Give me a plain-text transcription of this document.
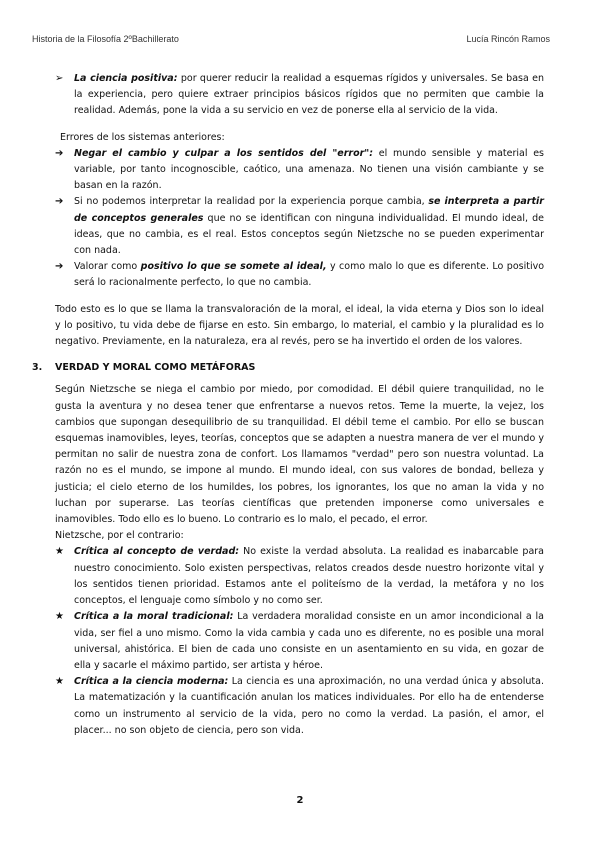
Historia de la Filosofía 2ºBachillerato	Lucía Rincón Ramos
➢	La ciencia positiva: por querer reducir la realidad a esquemas rígidos y universales. Se basa en la experiencia, pero quiere extraer principios básicos rígidos que no permiten que cambie la realidad. Además, pone la vida a su servicio en vez de ponerse ella al servicio de la vida.
Errores de los sistemas anteriores:
➔	Negar el cambio y culpar a los sentidos del "error": el mundo sensible y material es variable, por tanto incognoscible, caótico, una amenaza. No tienen una visión cambiante y se basan en la razón.
➔	Si no podemos interpretar la realidad por la experiencia porque cambia, se interpreta a partir de conceptos generales que no se identifican con ninguna individualidad. El mundo ideal, de ideas, que no cambia, es el real. Estos conceptos según Nietzsche no se pueden experimentar con nada.
➔	Valorar como positivo lo que se somete al ideal, y como malo lo que es diferente. Lo positivo será lo racionalmente perfecto, lo que no cambia.
Todo esto es lo que se llama la transvaloración de la moral, el ideal, la vida eterna y Dios son lo ideal y lo positivo, tu vida debe de fijarse en esto. Sin embargo, lo material, el cambio y la pluralidad es lo negativo. Previamente, en la naturaleza, era al revés, pero se ha invertido el orden de los valores.
3. VERDAD Y MORAL COMO METÁFORAS
Según Nietzsche se niega el cambio por miedo, por comodidad. El débil quiere tranquilidad, no le gusta la aventura y no desea tener que enfrentarse a nuevos retos. Teme la muerte, la vejez, los cambios que supongan desequilibrio de su tranquilidad. El débil teme el cambio. Por ello se buscan esquemas inamovibles, leyes, teorías, conceptos que se adapten a nuestra manera de ver el mundo y permitan no salir de nuestra zona de confort. Los llamamos "verdad" pero son nuestra voluntad. La razón no es el mundo, se impone al mundo. El mundo ideal, con sus valores de bondad, belleza y justicia; el cielo eterno de los humildes, los pobres, los ignorantes, los que no aman la vida y no luchan por superarse. Las teorías científicas que pretenden imponerse como universales e inamovibles. Todo ello es lo bueno. Lo contrario es lo malo, el pecado, el error.
Nietzsche, por el contrario:
★	Crítica al concepto de verdad: No existe la verdad absoluta. La realidad es inabarcable para nuestro conocimiento. Solo existen perspectivas, relatos creados desde nuestro horizonte vital y los sentidos tienen prioridad. Estamos ante el politeísmo de la verdad, la metáfora y no los conceptos, el lenguaje como símbolo y no como ser.
★	Crítica a la moral tradicional: La verdadera moralidad consiste en un amor incondicional a la vida, ser fiel a uno mismo. Como la vida cambia y cada uno es diferente, no es posible una moral universal, ahistórica. El bien de cada uno consiste en un asentamiento en su vida, en gozar de ella y sacarle el máximo partido, ser artista y héroe.
★	Crítica a la ciencia moderna: La ciencia es una aproximación, no una verdad única y absoluta. La matematización y la cuantificación anulan los matices individuales. Por ello ha de entenderse como un instrumento al servicio de la vida, pero no como la verdad. La pasión, el amor, el placer... no son objeto de ciencia, pero son vida.
2
